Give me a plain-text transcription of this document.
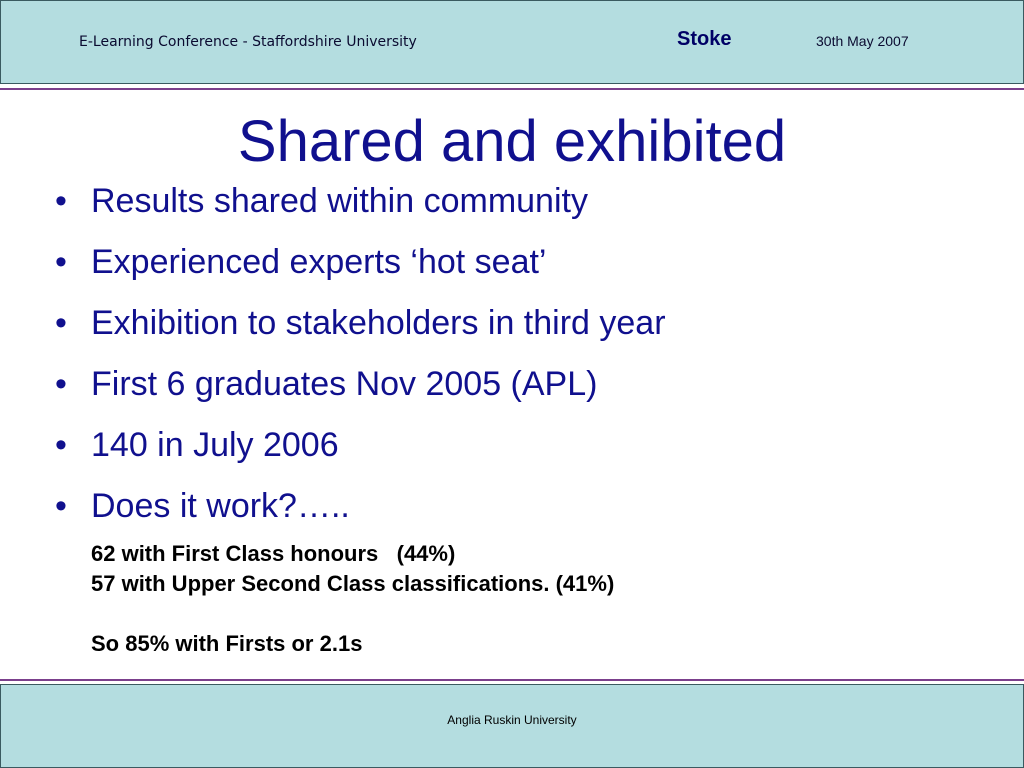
E-Learning Conference - Staffordshire University	Stoke	30th May 2007
Shared and exhibited
• Results shared within community
• Experienced experts ‘hot seat’
• Exhibition to stakeholders in third year
• First 6 graduates Nov 2005 (APL)
• 140 in July 2006
• Does it work?…..
62 with First Class honours   (44%)
57 with Upper Second Class classifications. (41%)
So 85% with Firsts or 2.1s
Anglia Ruskin University
